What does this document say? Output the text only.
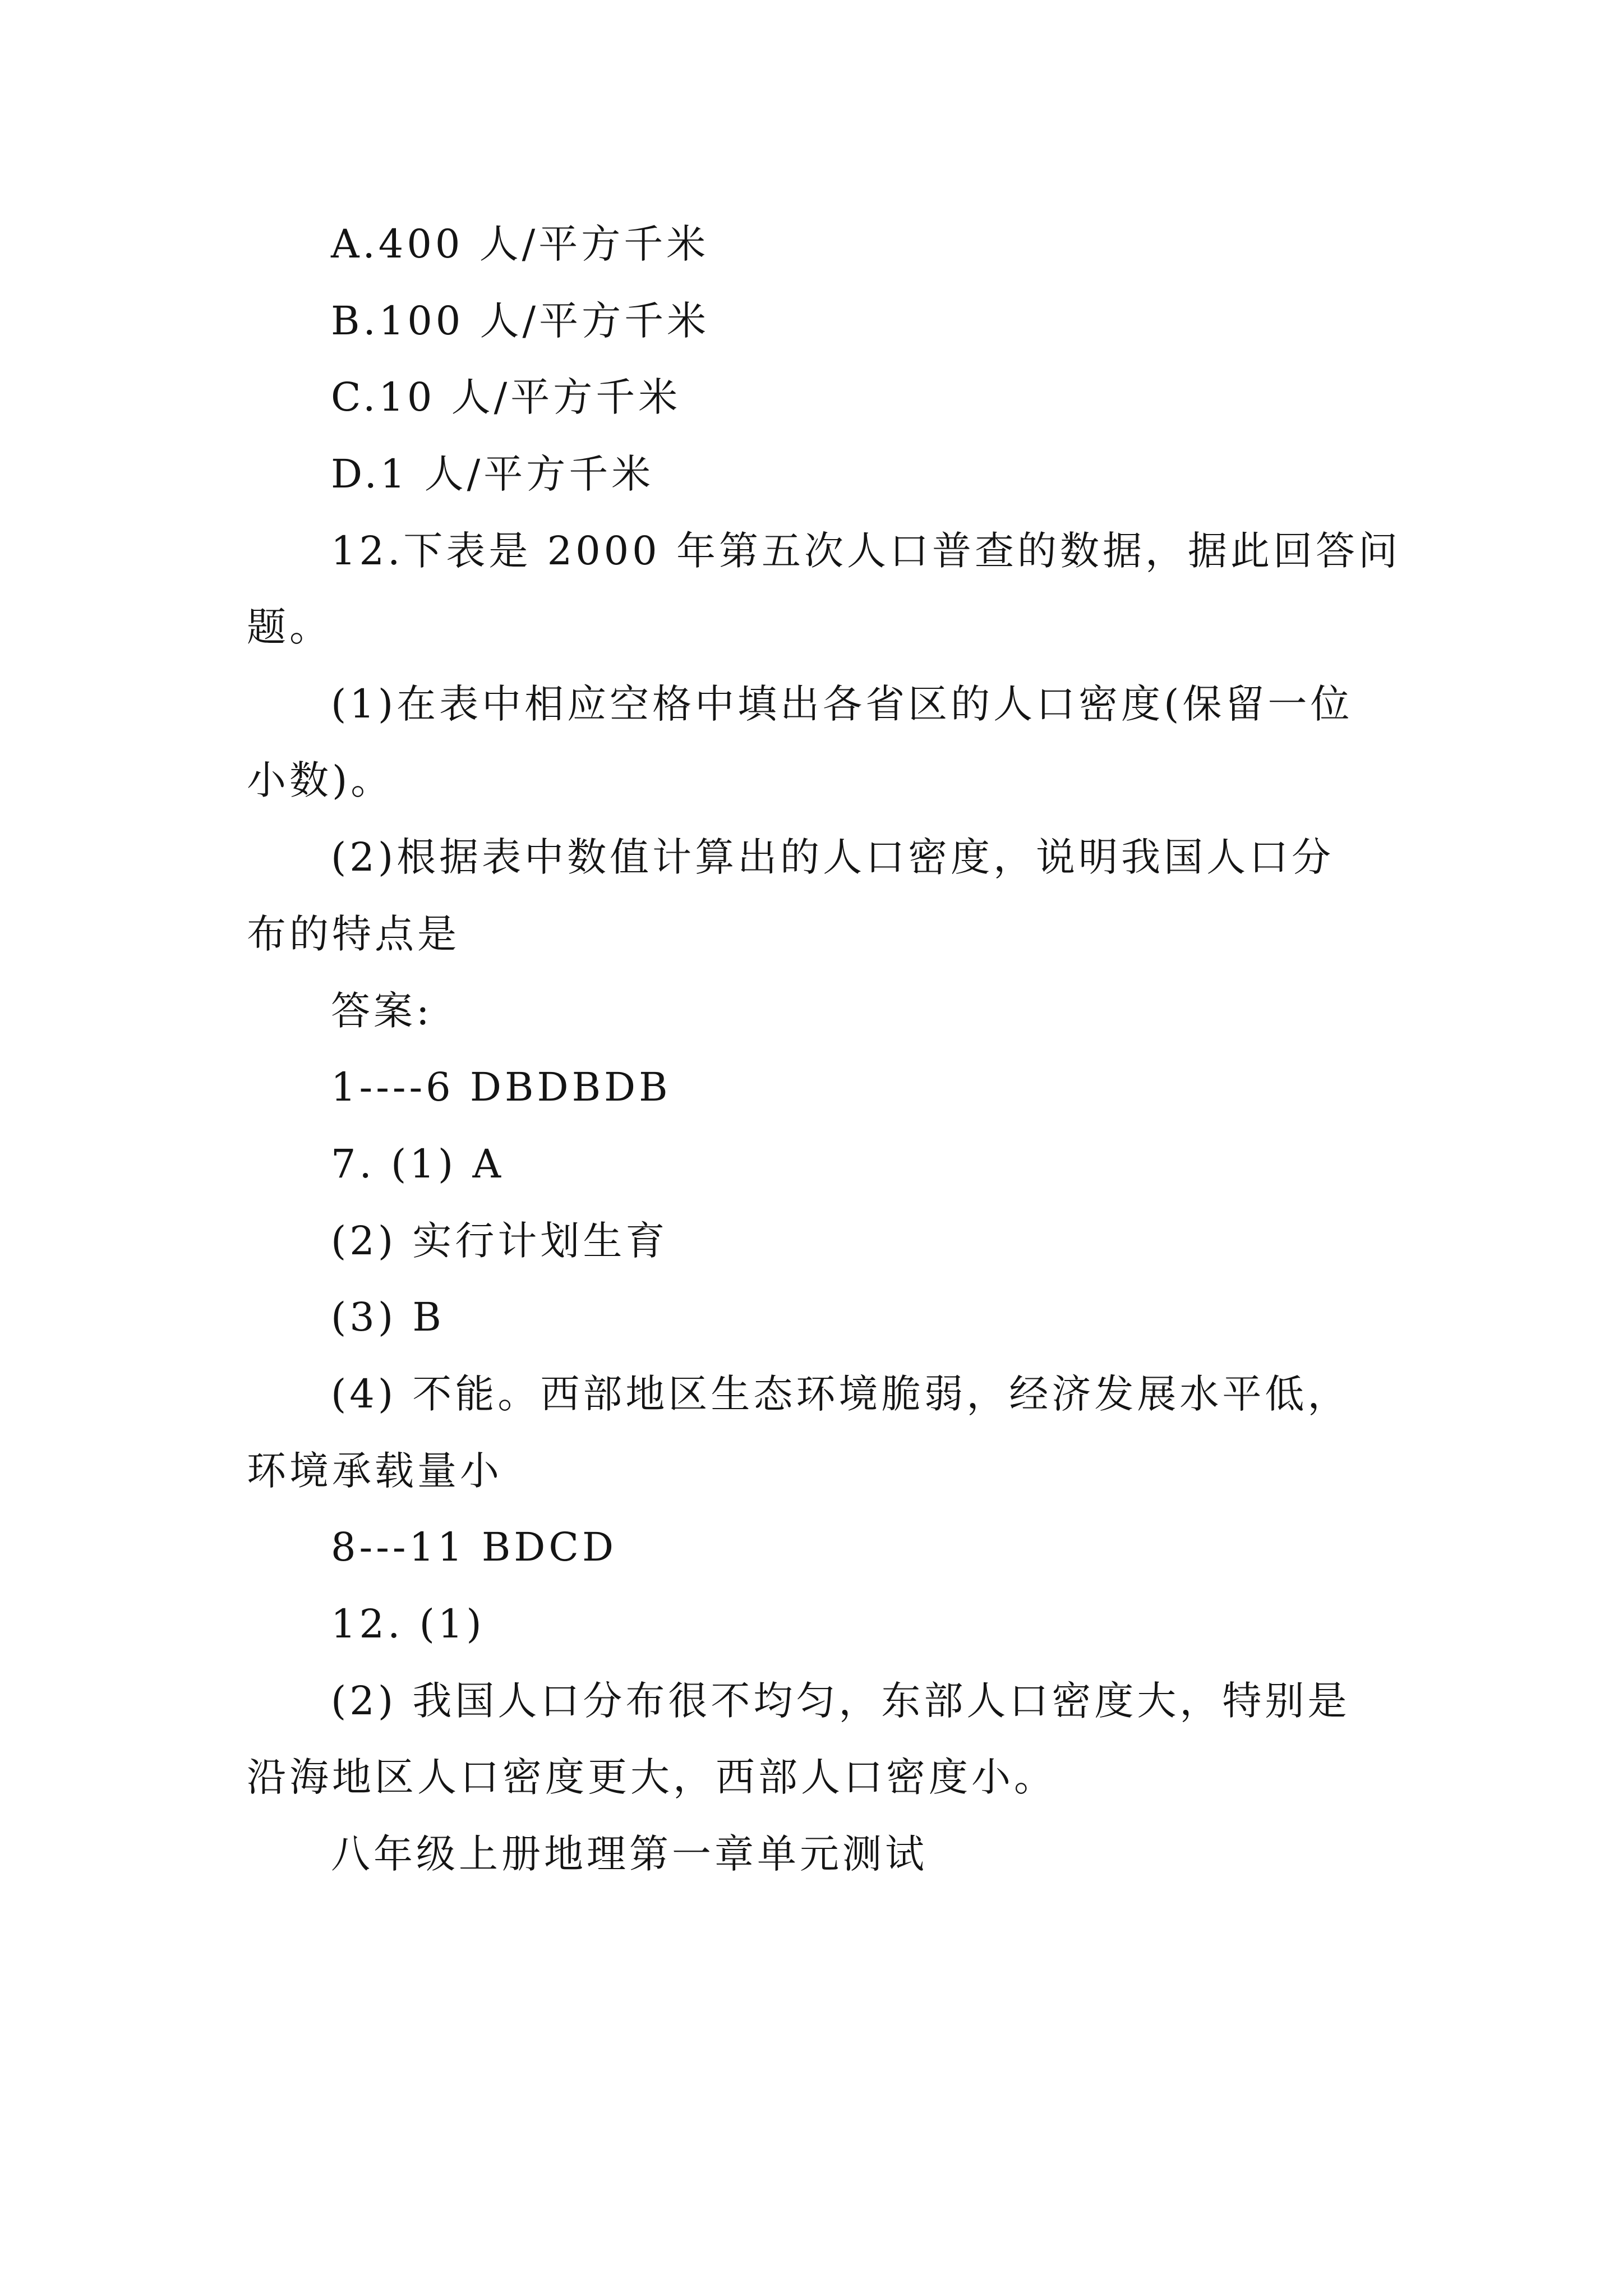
A.400 人/平方千米
B.100 人/平方千米
C.10 人/平方千米
D.1 人/平方千米
12.下表是 2000 年第五次人口普查的数据，据此回答问
题。
(1)在表中相应空格中填出各省区的人口密度(保留一位
小数)。
(2)根据表中数值计算出的人口密度，说明我国人口分
布的特点是
答案:
1----6 DBDBDB
7. (1) A
(2) 实行计划生育
(3) B
(4) 不能。西部地区生态环境脆弱，经济发展水平低，
环境承载量小
8---11 BDCD
12. (1)
(2) 我国人口分布很不均匀，东部人口密度大，特别是
沿海地区人口密度更大，西部人口密度小。
八年级上册地理第一章单元测试
